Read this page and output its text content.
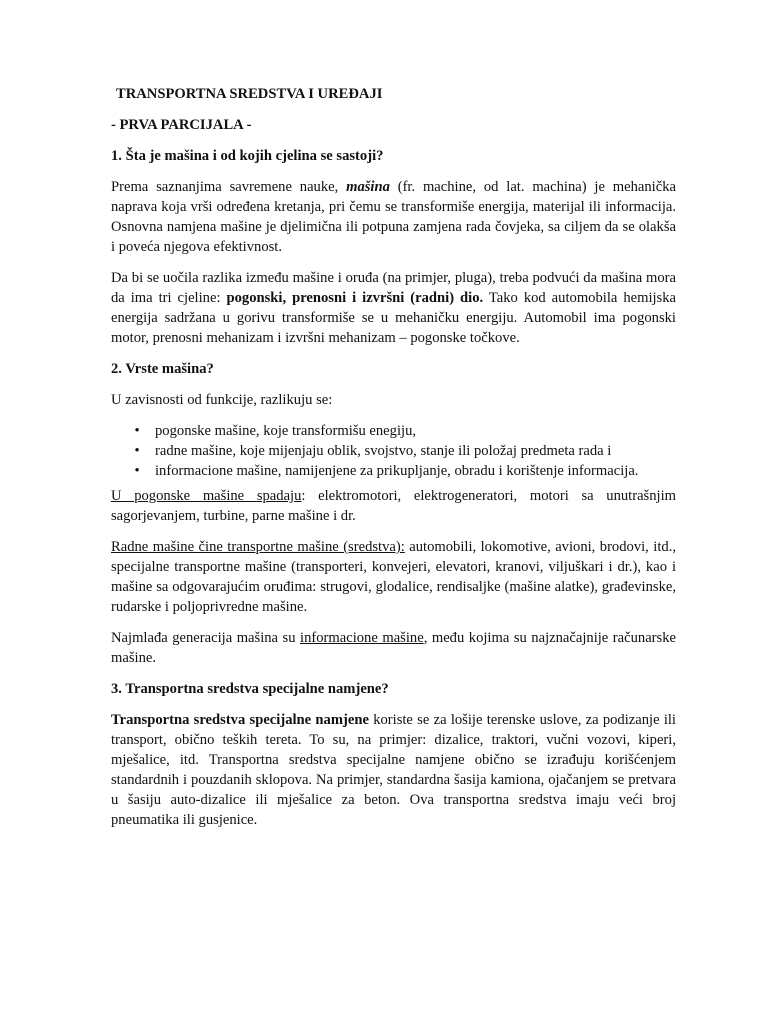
TRANSPORTNA SREDSTVA I UREĐAJI
- PRVA PARCIJALA -
1. Šta je mašina i od kojih cjelina se sastoji?

Prema saznanjima savremene nauke, mašina (fr. machine, od lat. machina) je mehanička naprava koja vrši određena kretanja, pri čemu se transformiše energija, materijal ili informacija. Osnovna namjena mašine je djelimična ili potpuna zamjena rada čovjeka, sa ciljem da se olakša i poveća njegova efektivnost.

Da bi se uočila razlika između mašine i oruđa (na primjer, pluga), treba podvući da mašina mora da ima tri cjeline: pogonski, prenosni i izvršni (radni) dio. Tako kod automobila hemijska energija sadržana u gorivu transformiše se u mehaničku energiju. Automobil ima pogonski motor, prenosni mehanizam i izvršni mehanizam – pogonske točkove.

2. Vrste mašina?

U zavisnosti od funkcije, razlikuju se:

• pogonske mašine, koje transformišu enegiju,
• radne mašine, koje mijenjaju oblik, svojstvo, stanje ili položaj predmeta rada i
• informacione mašine, namijenjene za prikupljanje, obradu i korištenje informacija.

U pogonske mašine spadaju: elektromotori, elektrogeneratori, motori sa unutrašnjim sagorjevanjem, turbine, parne mašine i dr.

Radne mašine čine transportne mašine (sredstva): automobili, lokomotive, avioni, brodovi, itd., specijalne transportne mašine (transporteri, konvejeri, elevatori, kranovi, viljuškari i dr.), kao i mašine sa odgovarajućim oruđima: strugovi, glodalice, rendisaljke (mašine alatke), građevinske, rudarske i poljoprivredne mašine.

Najmlađa generacija mašina su informacione mašine, među kojima su najznačajnije računarske mašine.

3. Transportna sredstva specijalne namjene?

Transportna sredstva specijalne namjene koriste se za lošije terenske uslove, za podizanje ili transport, obično teških tereta. To su, na primjer: dizalice, traktori, vučni vozovi, kiperi, mješalice, itd. Transportna sredstva specijalne namjene obično se izrađuju korišćenjem standardnih i pouzdanih sklopova. Na primjer, standardna šasija kamiona, ojačanjem se pretvara u šasiju auto-dizalice ili mješalice za beton. Ova transportna sredstva imaju veći broj pneumatika ili gusjenice.
